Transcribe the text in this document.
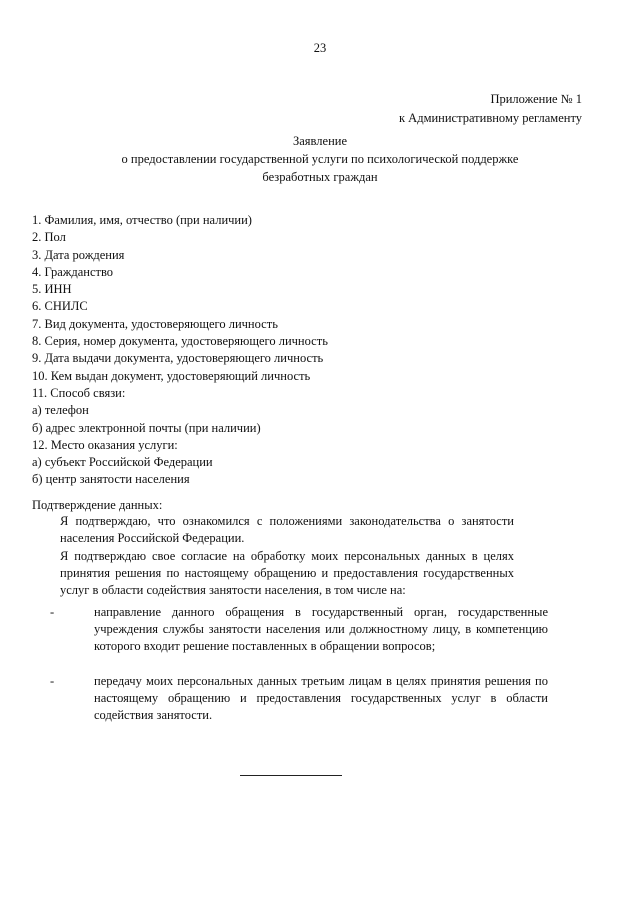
23
Приложение № 1
к Административному регламенту
Заявление
о предоставлении государственной услуги по психологической поддержке
безработных граждан
1. Фамилия, имя, отчество (при наличии)
2. Пол
3. Дата рождения
4. Гражданство
5. ИНН
6. СНИЛС
7. Вид документа, удостоверяющего личность
8. Серия, номер документа, удостоверяющего личность
9. Дата выдачи документа, удостоверяющего личность
10. Кем выдан документ, удостоверяющий личность
11. Способ связи:
а) телефон
б) адрес электронной почты (при наличии)
12. Место оказания услуги:
а) субъект Российской Федерации
б) центр занятости населения
Подтверждение данных:
Я подтверждаю, что ознакомился с положениями законодательства о занятости населения Российской Федерации.
Я подтверждаю свое согласие на обработку моих персональных данных в целях принятия решения по настоящему обращению и предоставления государственных услуг в области содействия занятости населения, в том числе на:
-	направление данного обращения в государственный орган, государственные учреждения службы занятости населения или должностному лицу, в компетенцию которого входит решение поставленных в обращении вопросов;
-	передачу моих персональных данных третьим лицам в целях принятия решения по настоящему обращению и предоставления государственных услуг в области содействия занятости.
